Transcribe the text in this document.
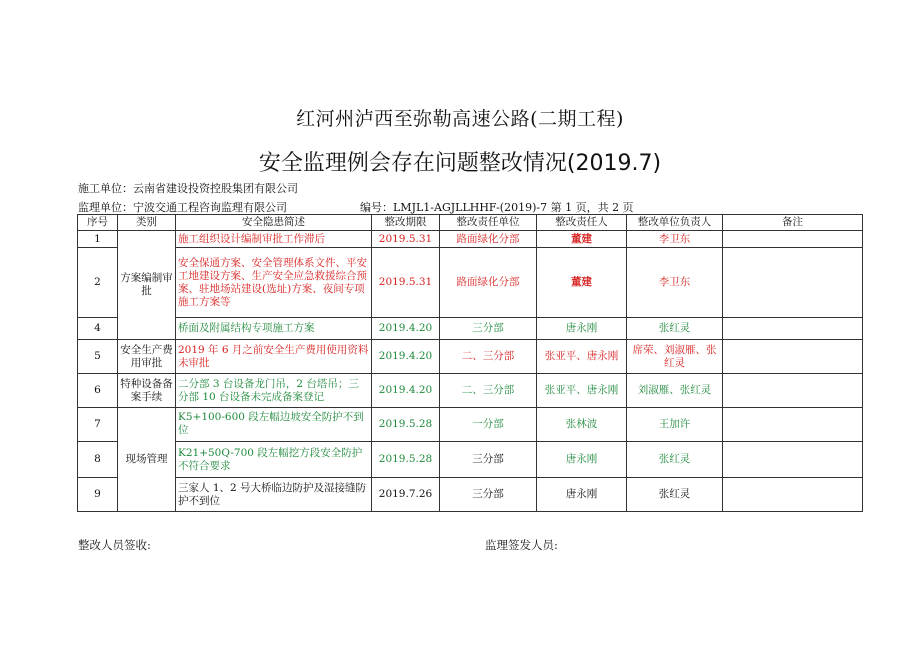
红河州泸西至弥勒高速公路(二期工程)
安全监理例会存在问题整改情况(2019.7)
施工单位：云南省建设投资控股集团有限公司
监理单位：宁波交通工程咨询监理有限公司	编号：LMJL1-AGJLLHHF-(2019)-7 第 1 页，共 2 页
序号	类别	安全隐患简述	整改期限	整改责任单位	整改责任人	整改单位负责人	备注
1	方案编制审批	施工组织设计编制审批工作滞后	2019.5.31	路面绿化分部	董建	李卫东	
2		安全保通方案、安全管理体系文件、平安工地建设方案、生产安全应急救援综合预案、驻地场站建设(选址)方案、夜间专项施工方案等	2019.5.31	路面绿化分部	董建	李卫东	
4		桥面及附属结构专项施工方案	2019.4.20	三分部	唐永刚	张红灵	
5	安全生产费用审批	2019 年 6 月之前安全生产费用使用资料未审批	2019.4.20	二、三分部	张亚平、唐永刚	席荣、刘淑雁、张红灵	
6	特种设备备案手续	二分部 3 台设备龙门吊，2 台塔吊；三分部 10 台设备未完成备案登记	2019.4.20	二、三分部	张亚平、唐永刚	刘淑雁、张红灵	
7	现场管理	K5+100-600 段左幅边坡安全防护不到位	2019.5.28	一分部	张林波	王加许	
8		K21+50Q-700 段左幅挖方段安全防护不符合要求	2019.5.28	三分部	唐永刚	张红灵	
9		三家人 1、2 号大桥临边防护及湿接缝防护不到位	2019.7.26	三分部	唐永刚	张红灵	
整改人员签收:	监理签发人员:
